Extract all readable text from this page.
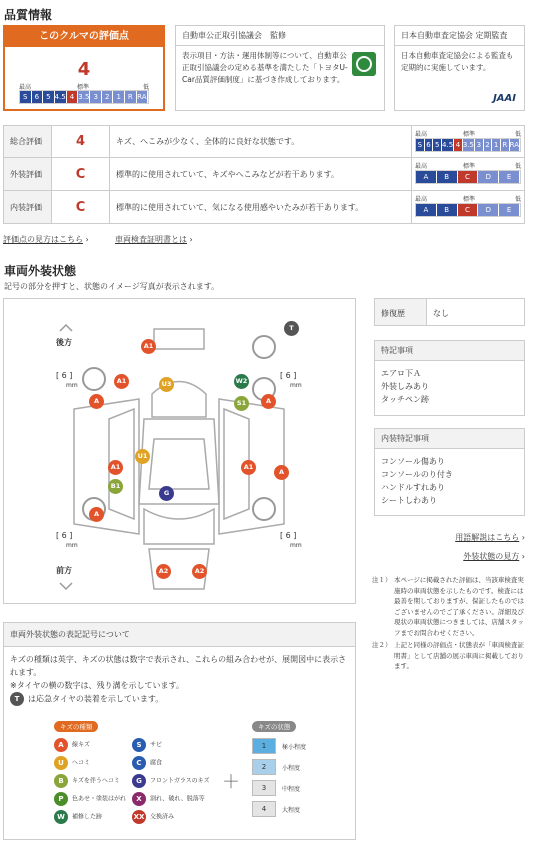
品質情報
このクルマの評価点
4
最高	標準	低
S	6	5 4.5 4 3.5 3	2	1 R RA
自動車公正取引協議会　監修
表示項目・方法・運用体制等について、自動車公正取引協議会の定める基準を満たした「トヨタU-Car品質評価制度」に基づき作成しております。
日本自動車査定協会 定期監査
日本自動車査定協会による監査も定期的に実施しています。
JAAI
総合評価	4	キズ、へこみが少なく、全体的に良好な状態です。
最高	標準	低
S 6 5 4.5 4 3.5 3 2 1 R RA
外装評価	C	標準的に使用されていて、キズやへこみなどが若干あります。
最高	標準	低
A	B	C	D	E
内装評価	C	標準的に使用されていて、気になる使用感やいたみが若干あります。
最高	標準	低
A	B	C	D	E
評価点の見方はこちら ›	車両検査証明書とは ›
車両外装状態
記号の部分を押すと、状態のイメージ写真が表示されます。
後方
前方
[ 6 ]
mm
[ 6 ]
mm
[ 6 ]
mm
[ 6 ]
mm
T
A1
A1	U3	W2
A	S1	A
U1
A1	A1
A
B1
G
A
A2	A2
修復歴	なし
特記事項
エアロ下Ａ
外装しみあり
タッチペン跡
内装特記事項
コンソール傷あり
コンソールのり付き
ハンドルすれあり
シートしわあり
用語解説はこちら ›
外装状態の見方 ›
注１） 本ページに掲載された評価は、当該車検査実施時の車両状態を示したものです。検査には最善を期しておりますが、保証したものではございませんのでご了承ください。詳細及び現状の車両状態につきましては、店舗スタッフまでお問合わせください。
注２） 上記と同様の評価点・状態表が「車両検査証明書」として店舗の展示車両に掲載しております。
車両外装状態の表記記号について
キズの種類は英字、キズの状態は数字で表示され、これらの組み合わせが、展開図中に表示されます。
※タイヤの横の数字は、残り溝を示しています。
T は応急タイヤの装着を示しています。
キズの種類
A 線キズ	S サビ
U へコミ	C 腐食
B キズを伴うへコミ	G フロントガラスのキズ
P 色あせ・塗装はがれ	X 割れ、破れ、脱落等
W 補修した跡	XX 交換済み
＋
キズの状態
1	極小程度
2	小程度
3	中程度
4	大程度
